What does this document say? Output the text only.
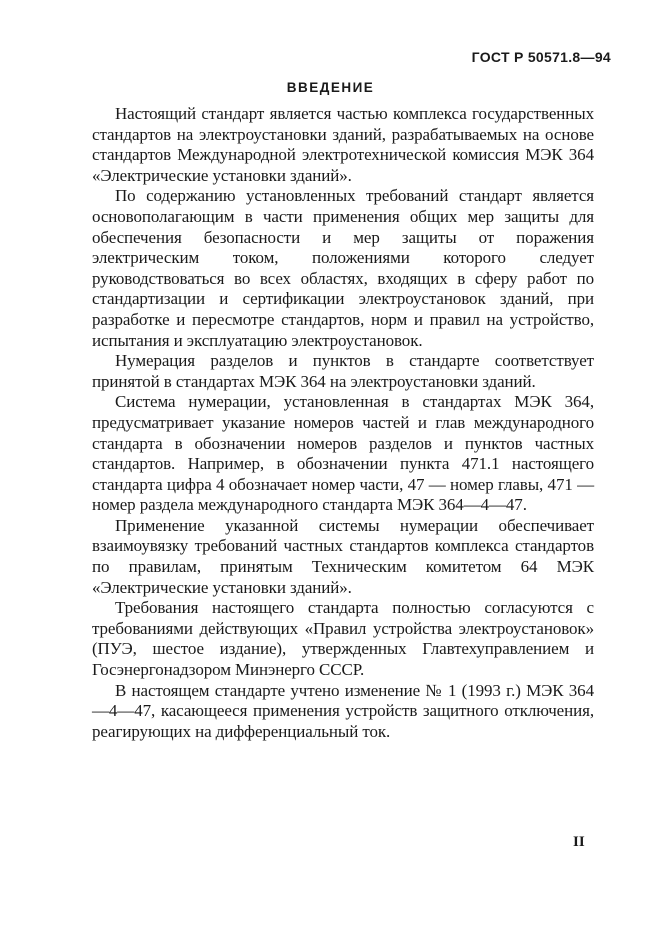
ГОСТ Р 50571.8—94
ВВЕДЕНИЕ

Настоящий стандарт является частью комплекса государственных стандартов на электроустановки зданий, разрабатываемых на основе стандартов Международной электротехнической комиссия МЭК 364 «Электрические установки зданий».

По содержанию установленных требований стандарт является основополагающим в части применения общих мер защиты для обеспечения безопасности и мер защиты от поражения электрическим током, положениями которого следует руководствоваться во всех областях, входящих в сферу работ по стандартизации и сертификации электроустановок зданий, при разработке и пересмотре стандартов, норм и правил на устройство, испытания и эксплуатацию электроустановок.

Нумерация разделов и пунктов в стандарте соответствует принятой в стандартах МЭК 364 на электроустановки зданий.

Система нумерации, установленная в стандартах МЭК 364, предусматривает указание номеров частей и глав международного стандарта в обозначении номеров разделов и пунктов частных стандартов. Например, в обозначении пункта 471.1 настоящего стандарта цифра 4 обозначает номер части, 47 — номер главы, 471 — номер раздела международного стандарта МЭК 364—4—47.

Применение указанной системы нумерации обеспечивает взаимоувязку требований частных стандартов комплекса стандартов по правилам, принятым Техническим комитетом 64 МЭК «Электрические установки зданий».

Требования настоящего стандарта полностью согласуются с требованиями действующих «Правил устройства электроустановок» (ПУЭ, шестое издание), утвержденных Главтехуправлением и Госэнергонадзором Минэнерго СССР.

В настоящем стандарте учтено изменение № 1 (1993 г.) МЭК 364—4—47, касающееся применения устройств защитного отключения, реагирующих на дифференциальный ток.

II
